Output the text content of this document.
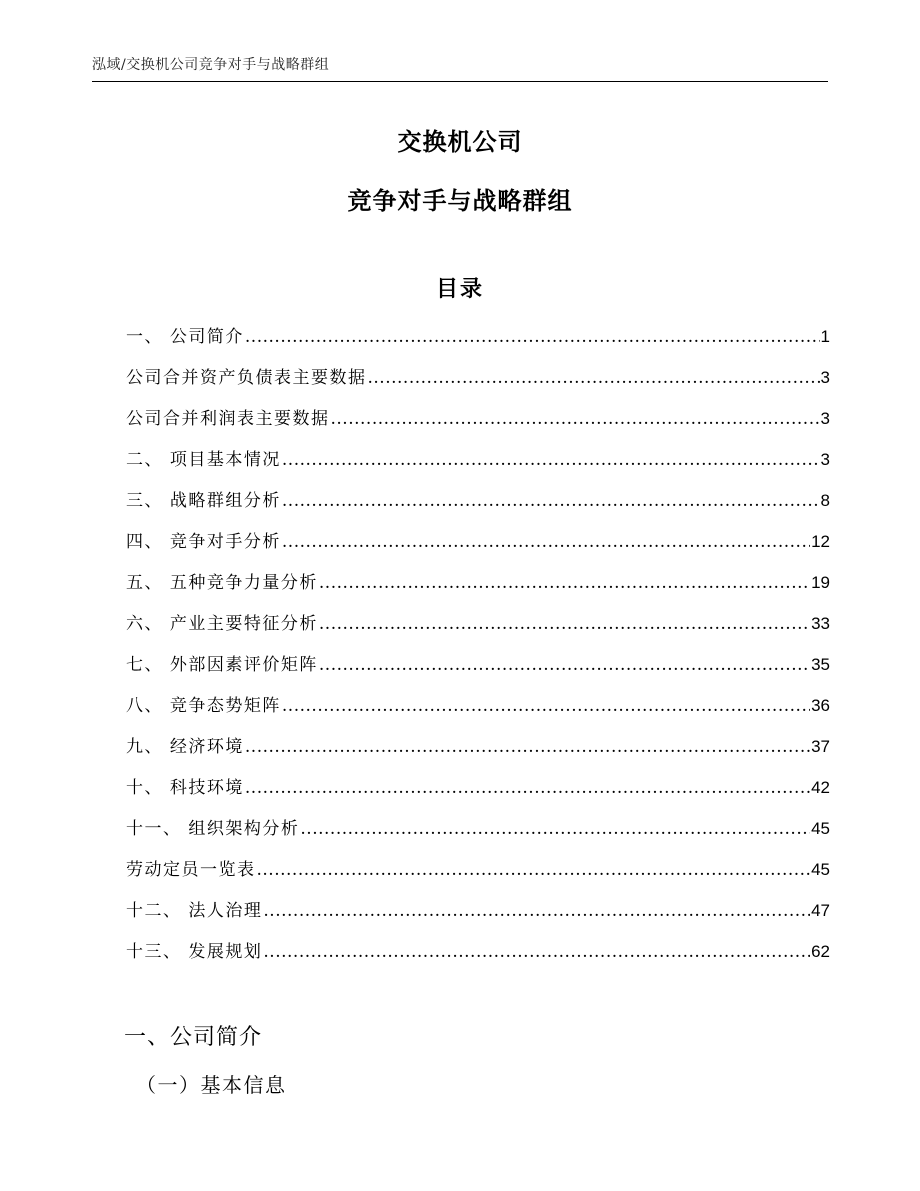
泓域/交换机公司竞争对手与战略群组
交换机公司
竞争对手与战略群组
目录
一、 公司简介 .....	1
公司合并资产负债表主要数据 .....	3
公司合并利润表主要数据 .....	3
二、 项目基本情况 .....	3
三、 战略群组分析 .....	8
四、 竞争对手分析 .....	12
五、 五种竞争力量分析 .....	19
六、 产业主要特征分析 .....	33
七、 外部因素评价矩阵 .....	35
八、 竞争态势矩阵 .....	36
九、 经济环境 .....	37
十、 科技环境 .....	42
十一、 组织架构分析 .....	45
劳动定员一览表 .....	45
十二、 法人治理 .....	47
十三、 发展规划 .....	62
一、公司简介
（一）基本信息
